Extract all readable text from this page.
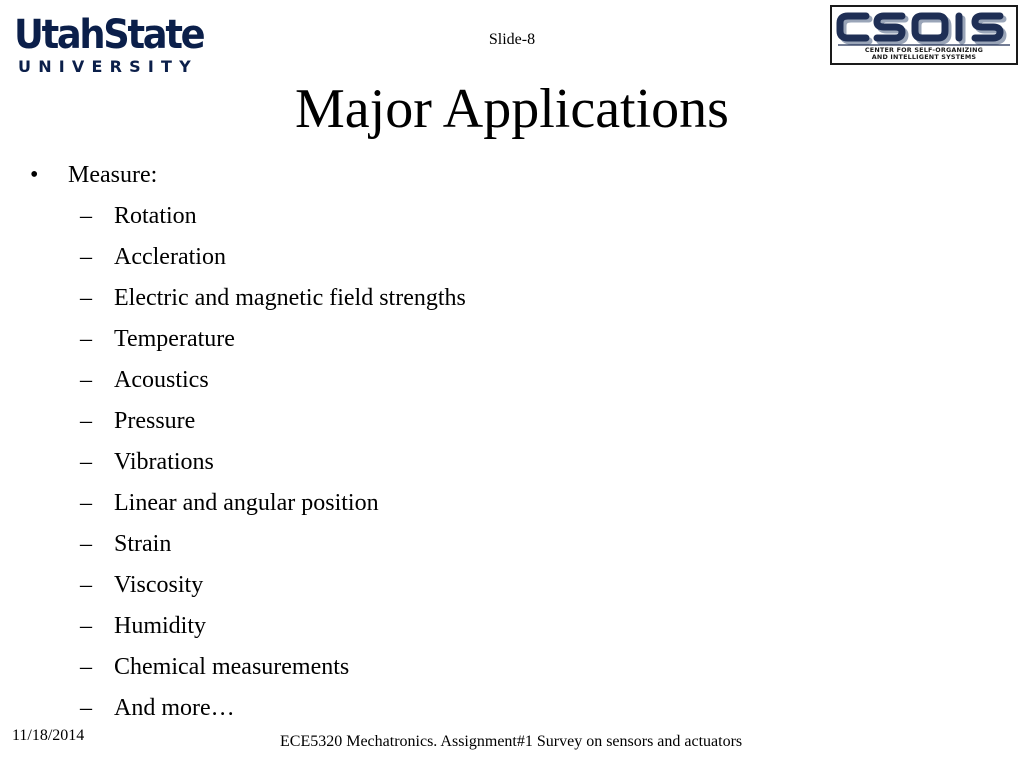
UtahState
UNIVERSITY
CENTER FOR SELF-ORGANIZING
AND INTELLIGENT SYSTEMS
Slide-8
Major Applications
• Measure:
– Rotation
– Accleration
– Electric and magnetic field strengths
– Temperature
– Acoustics
– Pressure
– Vibrations
– Linear and angular position
– Strain
– Viscosity
– Humidity
– Chemical measurements
– And more…
11/18/2014	ECE5320 Mechatronics. Assignment#1 Survey on sensors and actuators
